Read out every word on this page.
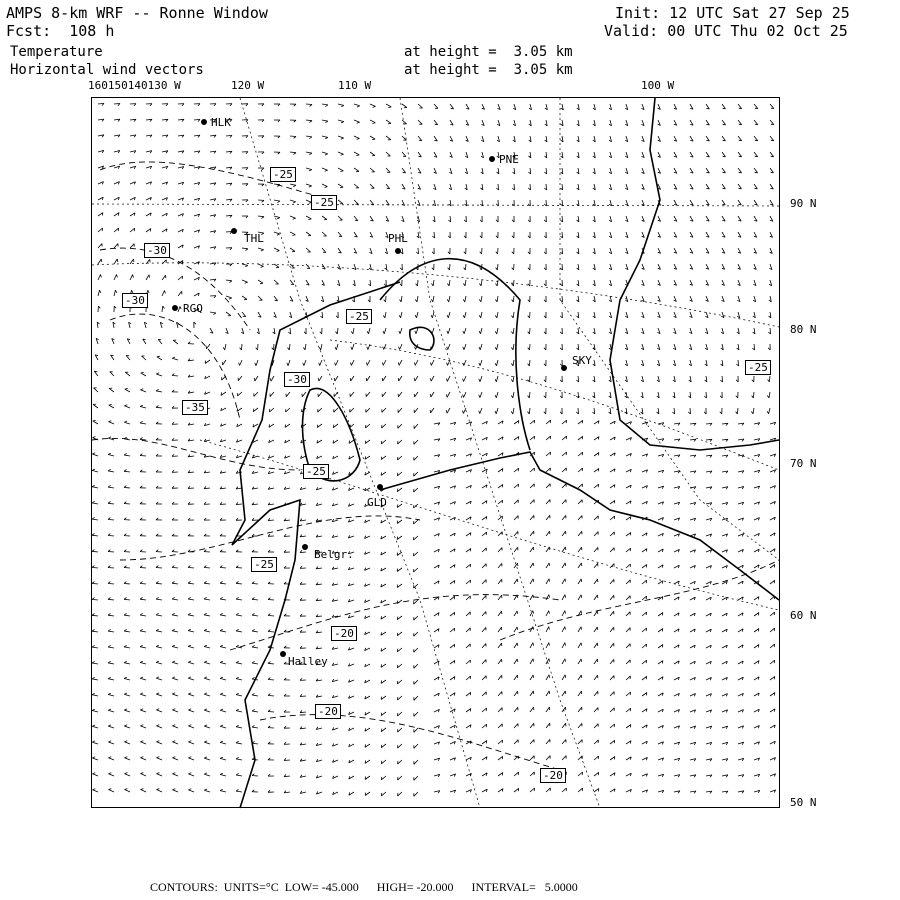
AMPS 8-km WRF -- Ronne Window
Fcst:  108 h
Init: 12 UTC Sat 27 Sep 25
Valid: 00 UTC Thu 02 Oct 25
Temperature
Horizontal wind vectors
at height =  3.05 km
at height =  3.05 km
160150140130 W	120 W	110 W	100 W
90 N
80 N
70 N
60 N
50 N
HLK
PNE
PHL
THL
RGQ
SKY
GLD
Belgr.
Halley
-25
-25
-30
-30
-25
-30
-35
-25
-25
-25
-20
-20
-20
CONTOURS:  UNITS=°C  LOW= -45.000      HIGH= -20.000      INTERVAL=   5.0000
